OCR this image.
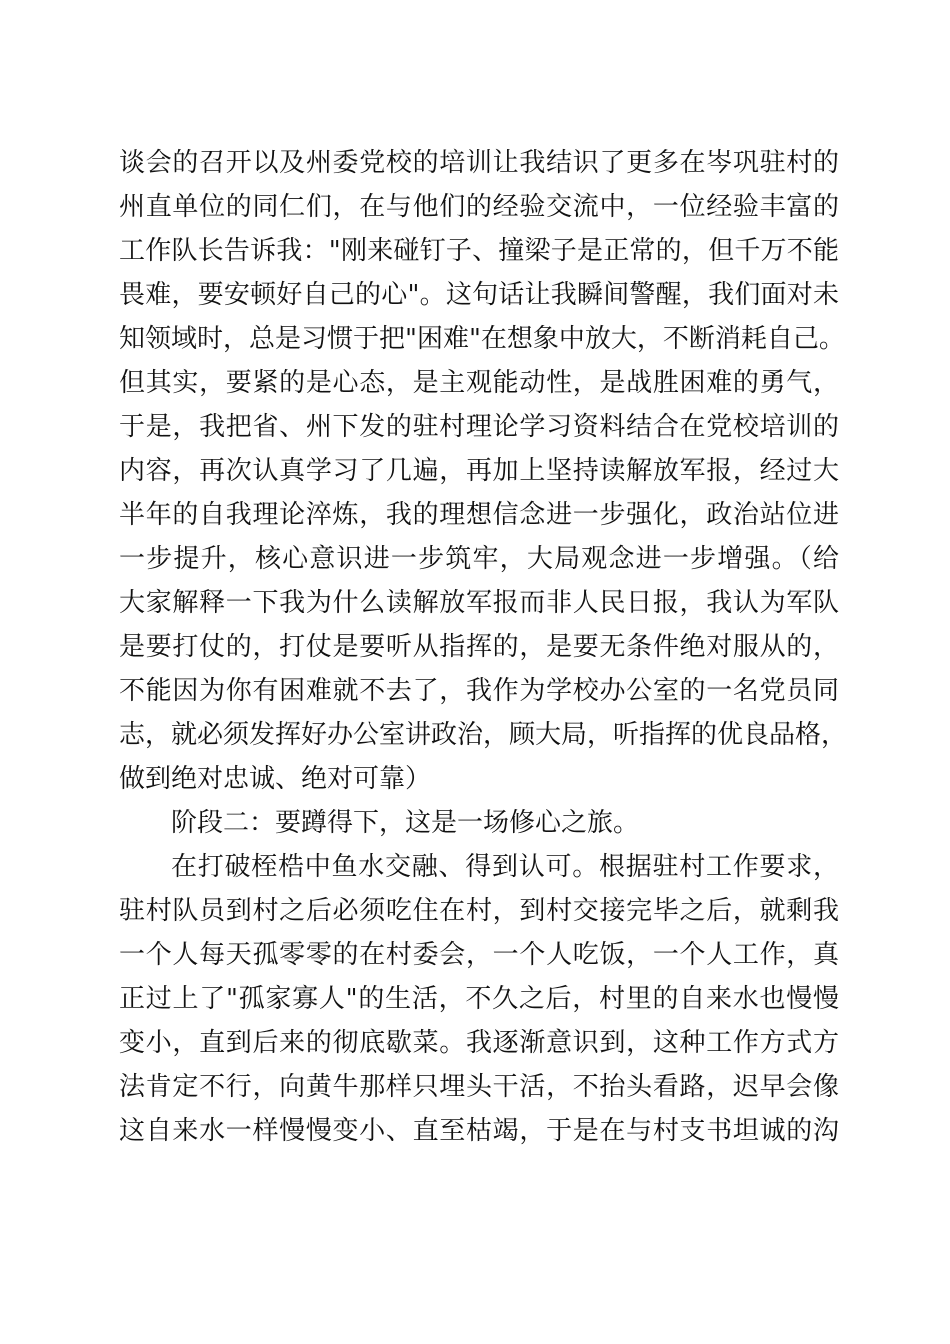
谈会的召开以及州委党校的培训让我结识了更多在岑巩驻村的
州直单位的同仁们，在与他们的经验交流中，一位经验丰富的
工作队长告诉我："刚来碰钉子、撞梁子是正常的，但千万不能
畏难，要安顿好自己的心"。这句话让我瞬间警醒，我们面对未
知领域时，总是习惯于把"困难"在想象中放大，不断消耗自己。
但其实，要紧的是心态，是主观能动性，是战胜困难的勇气，
于是，我把省、州下发的驻村理论学习资料结合在党校培训的
内容，再次认真学习了几遍，再加上坚持读解放军报，经过大
半年的自我理论淬炼，我的理想信念进一步强化，政治站位进
一步提升，核心意识进一步筑牢，大局观念进一步增强。（给
大家解释一下我为什么读解放军报而非人民日报，我认为军队
是要打仗的，打仗是要听从指挥的，是要无条件绝对服从的，
不能因为你有困难就不去了，我作为学校办公室的一名党员同
志，就必须发挥好办公室讲政治，顾大局，听指挥的优良品格，
做到绝对忠诚、绝对可靠）
阶段二：要蹲得下，这是一场修心之旅。
在打破桎梏中鱼水交融、得到认可。根据驻村工作要求，
驻村队员到村之后必须吃住在村，到村交接完毕之后，就剩我
一个人每天孤零零的在村委会，一个人吃饭，一个人工作，真
正过上了"孤家寡人"的生活，不久之后，村里的自来水也慢慢
变小，直到后来的彻底歇菜。我逐渐意识到，这种工作方式方
法肯定不行，向黄牛那样只埋头干活，不抬头看路，迟早会像
这自来水一样慢慢变小、直至枯竭，于是在与村支书坦诚的沟
